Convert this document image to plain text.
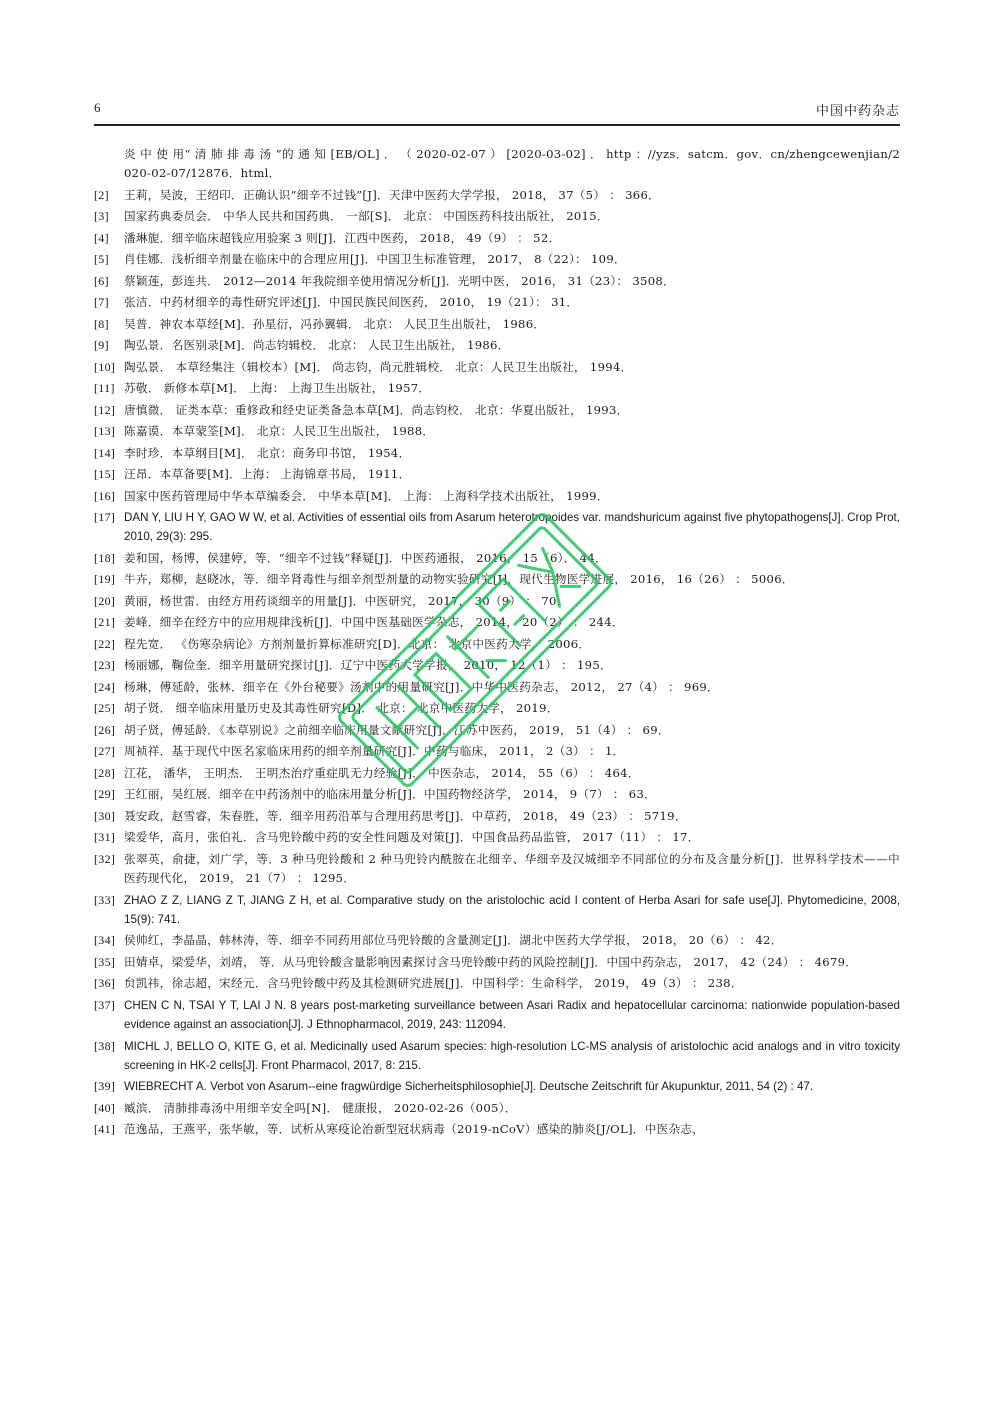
6	中国中药杂志
炎 中 使 用“ 清 肺 排 毒 汤 ”的 通 知 [EB/OL] ． （ 2020-02-07 ） [2020-03-02] ． http ：//yzs．satcm．gov．cn/zhengcewenjian/2020-02-07/12876．html．
[2] 王莉，吴波，王绍印．正确认识“细辛不过钱”[J]．天津中医药大学学报， 2018， 37（5） ： 366．
[3] 国家药典委员会． 中华人民共和国药典． 一部[S]． 北京： 中国医药科技出版社， 2015．
[4] 潘琳旎．细辛临床超钱应用验案 3 则[J]．江西中医药， 2018， 49（9） ： 52．
[5] 肖佳娜．浅析细辛剂量在临床中的合理应用[J]．中国卫生标准管理， 2017， 8（22）： 109．
[6] 蔡颖莲，彭连共． 2012—2014 年我院细辛使用情况分析[J]．光明中医， 2016， 31（23）： 3508．
[7] 张洁．中药材细辛的毒性研究评述[J]．中国民族民间医药， 2010， 19（21）： 31．
[8] 吴普．神农本草经[M]．孙星衍，冯孙翼辑． 北京： 人民卫生出版社， 1986．
[9] 陶弘景．名医别录[M]．尚志钧辑校． 北京： 人民卫生出版社， 1986．
[10] 陶弘景． 本草经集注（辑校本）[M]． 尚志钧，尚元胜辑校． 北京：人民卫生出版社， 1994．
[11] 苏敬． 新修本草[M]． 上海： 上海卫生出版社， 1957．
[12] 唐慎微． 证类本草：重修政和经史证类备急本草[M]．尚志钧校． 北京：华夏出版社， 1993．
[13] 陈嘉谟．本草蒙筌[M]． 北京：人民卫生出版社， 1988．
[14] 李时珍．本草纲目[M]． 北京：商务印书馆， 1954．
[15] 汪昂．本草备要[M]．上海： 上海锦章书局， 1911．
[16] 国家中医药管理局中华本草编委会． 中华本草[M]． 上海： 上海科学技术出版社， 1999．
[17] DAN Y, LIU H Y, GAO W W, et al. Activities of essential oils from Asarum heterotropoides var. mandshuricum against five phytopathogens[J]. Crop Prot, 2010, 29(3): 295.
[18] 姜和国，杨博，侯建婷，等．“细辛不过钱”释疑[J]．中医药通报， 2016， 15（6）． 44．
[19] 牛卉，郑柳，赵晓冰，等．细辛肾毒性与细辛剂型剂量的动物实验研究[J]．现代生物医学进展， 2016， 16（26） ： 5006．
[20] 黄丽，杨世雷．由经方用药谈细辛的用量[J]．中医研究， 2017， 30（9） ： 70．
[21] 姜峰．细辛在经方中的应用规律浅析[J]．中国中医基础医学杂志， 2014， 20（2） ： 244．
[22] 程先宽． 《伤寒杂病论》方剂剂量折算标准研究[D]．北京： 北京中医药大学， 2006．
[23] 杨丽娜，鞠俭奎．细辛用量研究探讨[J]．辽宁中医药大学学报， 2010， 12（1） ： 195．
[24] 杨琳，傅延龄，张林．细辛在《外台秘要》汤剂中的用量研究[J]．中华中医药杂志， 2012， 27（4） ： 969．
[25] 胡子贤． 细辛临床用量历史及其毒性研究[D]． 北京： 北京中医药大学， 2019．
[26] 胡子贤，傅延龄．《本草别说》之前细辛临床用量文献研究[J]．江苏中医药， 2019， 51（4） ： 69．
[27] 周祯祥．基于现代中医名家临床用药的细辛剂量研究[J]．中药与临床， 2011， 2（3） ： 1．
[28] 江花， 潘华， 王明杰． 王明杰治疗重症肌无力经验[J]． 中医杂志， 2014， 55（6） ： 464．
[29] 王红丽，吴红展．细辛在中药汤剂中的临床用量分析[J]．中国药物经济学， 2014， 9（7） ： 63．
[30] 聂安政，赵雪睿，朱春胜，等．细辛用药沿革与合理用药思考[J]．中草药， 2018， 49（23） ： 5719．
[31] 梁爱华，高月，张伯礼．含马兜铃酸中药的安全性问题及对策[J]．中国食品药品监管， 2017（11） ： 17．
[32] 张翠英，俞捷，刘广学，等．3 种马兜铃酸和 2 种马兜铃内酰胺在北细辛、华细辛及汉城细辛不同部位的分布及含量分析[J]．世界科学技术——中医药现代化， 2019， 21（7） ： 1295．
[33] ZHAO Z Z, LIANG Z T, JIANG Z H, et al. Comparative study on the aristolochic acid I content of Herba Asari for safe use[J]. Phytomedicine, 2008, 15(9): 741.
[34] 侯帅红，李晶晶，韩林涛，等．细辛不同药用部位马兜铃酸的含量测定[J]．湖北中医药大学学报， 2018， 20（6） ： 42．
[35] 田婧卓，梁爱华，刘靖， 等．从马兜铃酸含量影响因素探讨含马兜铃酸中药的风险控制[J]．中国中药杂志， 2017， 42（24） ： 4679．
[36] 贠凯祎，徐志超，宋经元．含马兜铃酸中药及其检测研究进展[J]．中国科学：生命科学， 2019， 49（3） ： 238．
[37] CHEN C N, TSAI Y T, LAI J N. 8 years post-marketing surveillance between Asari Radix and hepatocellular carcinoma: nationwide population-based evidence against an association[J]. J Ethnopharmacol, 2019, 243: 112094.
[38] MICHL J, BELLO O, KITE G, et al. Medicinally used Asarum species: high-resolution LC-MS analysis of aristolochic acid analogs and in vitro toxicity screening in HK-2 cells[J]. Front Pharmacol, 2017, 8: 215.
[39] WIEBRECHT A. Verbot von Asarum--eine fragwürdige Sicherheitsphilosophie[J]. Deutsche Zeitschrift für Akupunktur, 2011, 54 (2) : 47.
[40] 臧滨． 清肺排毒汤中用细辛安全吗[N]． 健康报， 2020-02-26（005）．
[41] 范逸品，王燕平，张华敏，等．试析从寒疫论治新型冠状病毒（2019-nCoV）感染的肺炎[J/OL]．中医杂志，
